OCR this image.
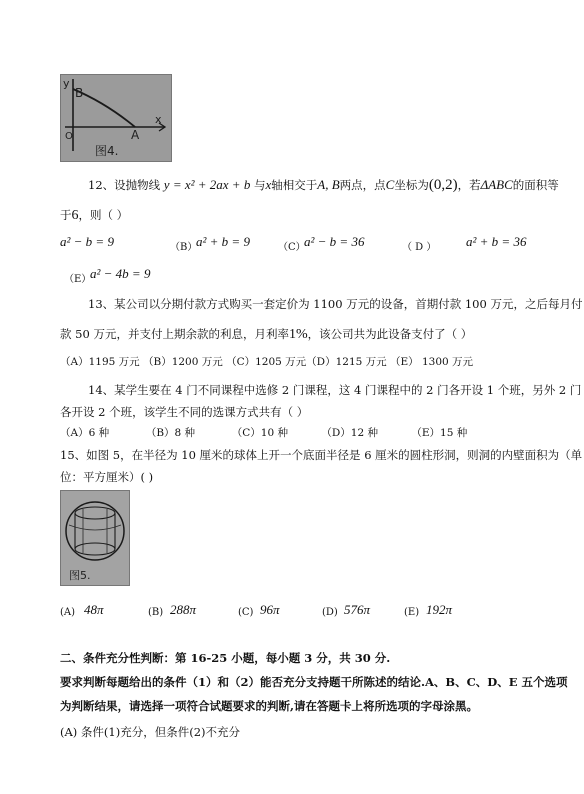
y
B
O	A
x
图4.
12、设抛物线 y = x² + 2ax + b 与x轴相交于A, B两点，点C坐标为(0,2)，若ΔABC的面积等
于6，则（ ）
a² − b = 9	（B）
a² + b = 9	（C）
a² − b = 36	（ D ） a² + b = 36
（E）
a² − 4b = 9
13、某公司以分期付款方式购买一套定价为 1100 万元的设备，首期付款 100 万元，之后每月付
款 50 万元，并支付上期余款的利息，月利率1%，该公司共为此设备支付了（ ）
（A）1195 万元 （B）1200 万元 （C）1205 万元（D）1215 万元 （E） 1300 万元
14、某学生要在 4 门不同课程中选修 2 门课程，这 4 门课程中的 2 门各开设 1 个班，另外 2 门
各开设 2 个班，该学生不同的选课方式共有（ ）
（A）6 种           （B）8 种           （C）10 种          （D）12 种          （E）15 种
15、如图 5，在半径为 10 厘米的球体上开一个底面半径是 6 厘米的圆柱形洞，则洞的内壁面积为（单
位：平方厘米）( )
图5.
(A) 48π	(B) 288π	(C) 96π	(D) 576π	(E) 192π
二、条件充分性判断：第 16-25 小题，每小题 3 分，共 30 分.
要求判断每题给出的条件（1）和（2）能否充分支持题干所陈述的结论.A、B、C、D、E 五个选项
为判断结果，请选择一项符合试题要求的判断,请在答题卡上将所选项的字母涂黑。
(A) 条件(1)充分，但条件(2)不充分
